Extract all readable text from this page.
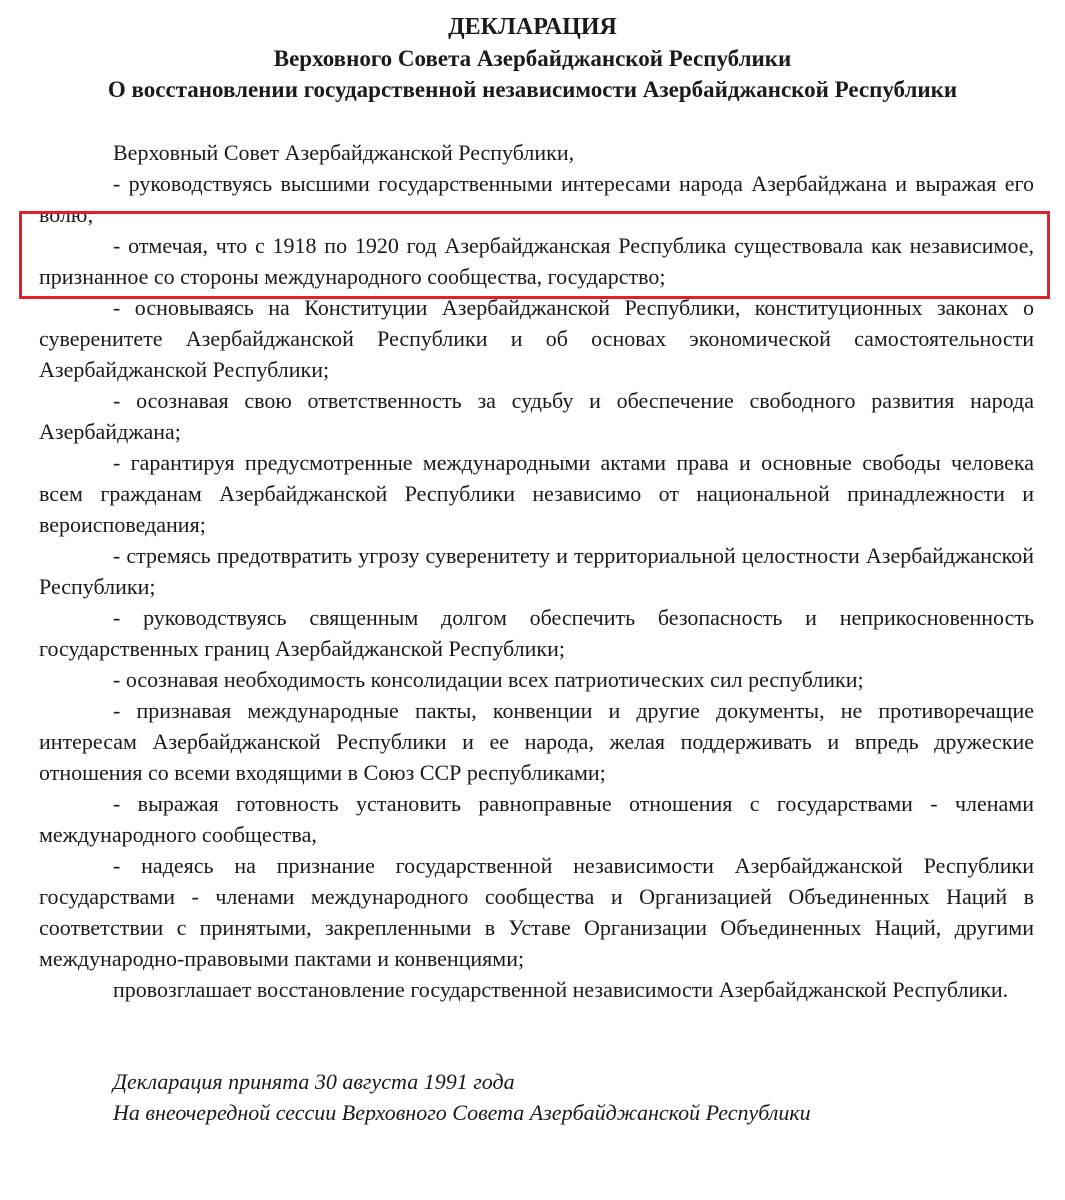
ДЕКЛАРАЦИЯ
Верховного Совета Азербайджанской Республики
О восстановлении государственной независимости Азербайджанской Республики

Верховный Совет Азербайджанской Республики,

- руководствуясь высшими государственными интересами народа Азербайджана и выражая его волю;

- отмечая, что с 1918 по 1920 год Азербайджанская Республика существовала как независимое, признанное со стороны международного сообщества, государство;

- основываясь на Конституции Азербайджанской Республики, конституционных законах о суверенитете Азербайджанской Республики и об основах экономической самостоятельности Азербайджанской Республики;

- осознавая свою ответственность за судьбу и обеспечение свободного развития народа Азербайджана;

- гарантируя предусмотренные международными актами права и основные свободы человека всем гражданам Азербайджанской Республики независимо от национальной принадлежности и вероисповедания;

- стремясь предотвратить угрозу суверенитету и территориальной целостности Азербайджанской Республики;

- руководствуясь священным долгом обеспечить безопасность и неприкосновенность государственных границ Азербайджанской Республики;

- осознавая необходимость консолидации всех патриотических сил республики;

- признавая международные пакты, конвенции и другие документы, не противоречащие интересам Азербайджанской Республики и ее народа, желая поддерживать и впредь дружеские отношения со всеми входящими в Союз ССР республиками;

- выражая готовность установить равноправные отношения с государствами - членами международного сообщества,

- надеясь на признание государственной независимости Азербайджанской Республики государствами - членами международного сообщества и Организацией Объединенных Наций в соответствии с принятыми, закрепленными в Уставе Организации Объединенных Наций, другими международно-правовыми пактами и конвенциями;

провозглашает восстановление государственной независимости Азербайджанской Республики.

Декларация принята 30 августа 1991 года
На внеочередной сессии Верховного Совета Азербайджанской Республики
